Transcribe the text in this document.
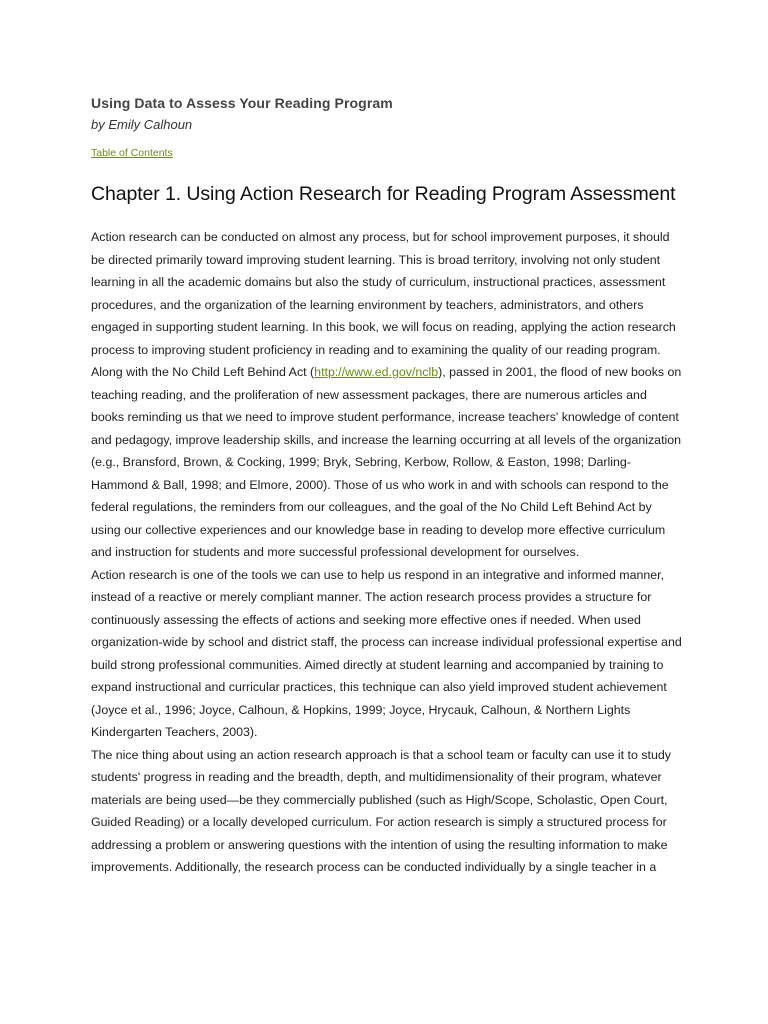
Using Data to Assess Your Reading Program

by Emily Calhoun

Table of Contents
Chapter 1. Using Action Research for Reading Program Assessment

Action research can be conducted on almost any process, but for school improvement purposes, it should be directed primarily toward improving student learning. This is broad territory, involving not only student learning in all the academic domains but also the study of curriculum, instructional practices, assessment procedures, and the organization of the learning environment by teachers, administrators, and others engaged in supporting student learning. In this book, we will focus on reading, applying the action research process to improving student proficiency in reading and to examining the quality of our reading program.

Along with the No Child Left Behind Act (http://www.ed.gov/nclb), passed in 2001, the flood of new books on teaching reading, and the proliferation of new assessment packages, there are numerous articles and books reminding us that we need to improve student performance, increase teachers' knowledge of content and pedagogy, improve leadership skills, and increase the learning occurring at all levels of the organization (e.g., Bransford, Brown, & Cocking, 1999; Bryk, Sebring, Kerbow, Rollow, & Easton, 1998; Darling-Hammond & Ball, 1998; and Elmore, 2000). Those of us who work in and with schools can respond to the federal regulations, the reminders from our colleagues, and the goal of the No Child Left Behind Act by using our collective experiences and our knowledge base in reading to develop more effective curriculum and instruction for students and more successful professional development for ourselves.

Action research is one of the tools we can use to help us respond in an integrative and informed manner, instead of a reactive or merely compliant manner. The action research process provides a structure for continuously assessing the effects of actions and seeking more effective ones if needed. When used organization-wide by school and district staff, the process can increase individual professional expertise and build strong professional communities. Aimed directly at student learning and accompanied by training to expand instructional and curricular practices, this technique can also yield improved student achievement (Joyce et al., 1996; Joyce, Calhoun, & Hopkins, 1999; Joyce, Hrycauk, Calhoun, & Northern Lights Kindergarten Teachers, 2003).

The nice thing about using an action research approach is that a school team or faculty can use it to study students' progress in reading and the breadth, depth, and multidimensionality of their program, whatever materials are being used—be they commercially published (such as High/Scope, Scholastic, Open Court, Guided Reading) or a locally developed curriculum. For action research is simply a structured process for addressing a problem or answering questions with the intention of using the resulting information to make improvements. Additionally, the research process can be conducted individually by a single teacher in a
